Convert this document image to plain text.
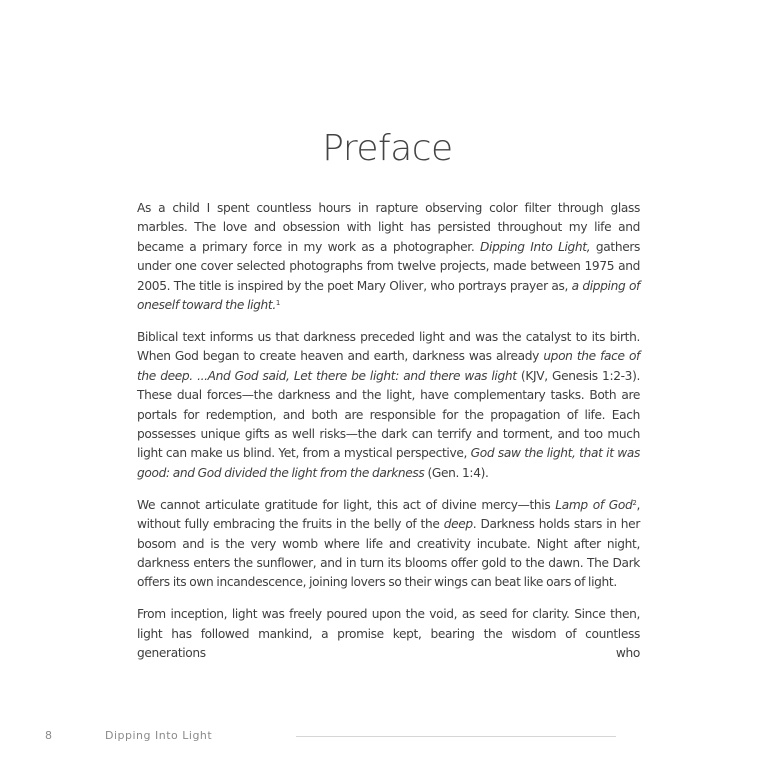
Preface

As a child I spent countless hours in rapture observing color filter through glass marbles. The love and obsession with light has persisted throughout my life and became a primary force in my work as a photographer. Dipping Into Light, gathers under one cover selected photographs from twelve projects, made between 1975 and 2005. The title is inspired by the poet Mary Oliver, who portrays prayer as, a dipping of oneself toward the light.$^1$

Biblical text informs us that darkness preceded light and was the catalyst to its birth. When God began to create heaven and earth, darkness was already upon the face of the deep. ...And God said, Let there be light: and there was light (KJV, Genesis 1:2-3). These dual forces—the darkness and the light, have complementary tasks. Both are portals for redemption, and both are responsible for the propagation of life. Each possesses unique gifts as well risks—the dark can terrify and torment, and too much light can make us blind. Yet, from a mystical perspective, God saw the light, that it was good: and God divided the light from the darkness (Gen. 1:4).

We cannot articulate gratitude for light, this act of divine mercy—this Lamp of God$^2$, without fully embracing the fruits in the belly of the deep. Darkness holds stars in her bosom and is the very womb where life and creativity incubate. Night after night, darkness enters the sunflower, and in turn its blooms offer gold to the dawn. The Dark offers its own incandescence, joining lovers so their wings can beat like oars of light.

From inception, light was freely poured upon the void, as seed for clarity. Since then, light has followed mankind, a promise kept, bearing the wisdom of countless generations who

8	Dipping Into Light
